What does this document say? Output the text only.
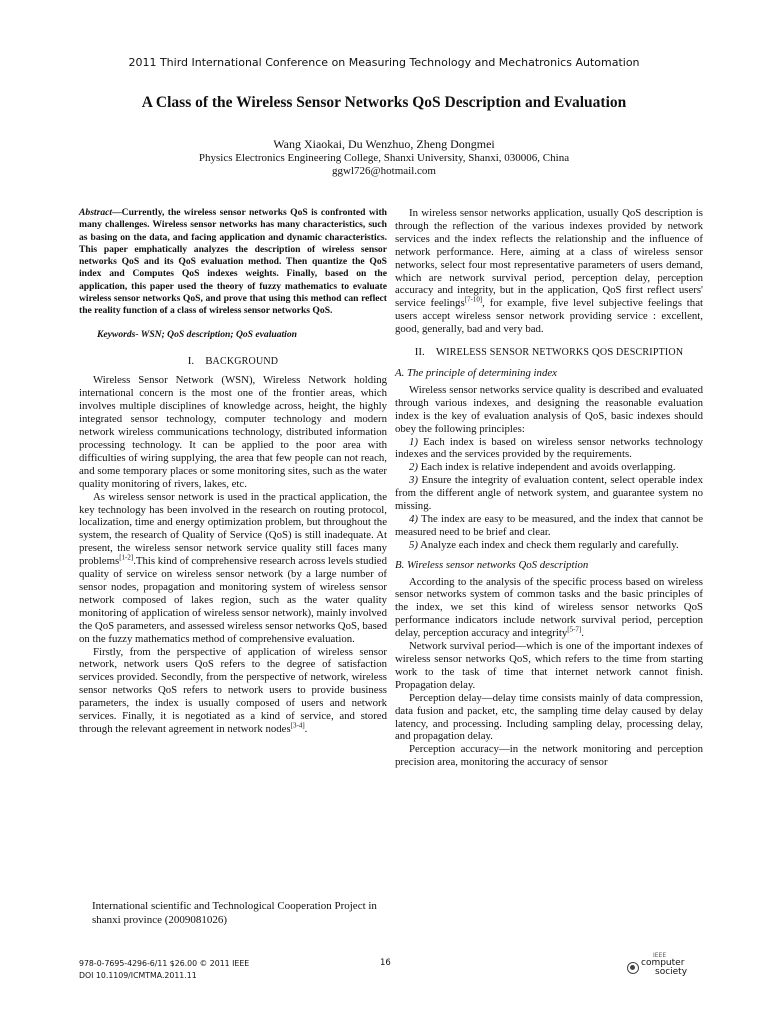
2011 Third International Conference on Measuring Technology and Mechatronics Automation
A Class of the Wireless Sensor Networks QoS Description and Evaluation
Wang Xiaokai, Du Wenzhuo, Zheng Dongmei
Physics Electronics Engineering College, Shanxi University, Shanxi, 030006, China
ggwl726@hotmail.com

Abstract—Currently, the wireless sensor networks QoS is confronted with many challenges. Wireless sensor networks has many characteristics, such as basing on the data, and facing application and dynamic characteristics. This paper emphatically analyzes the description of wireless sensor networks QoS and its QoS evaluation method. Then quantize the QoS index and Computes QoS indexes weights. Finally, based on the application, this paper used the theory of fuzzy mathematics to evaluate wireless sensor networks QoS, and prove that using this method can reflect the reality function of a class of wireless sensor networks QoS.

Keywords- WSN; QoS description; QoS evaluation

I. BACKGROUND

Wireless Sensor Network (WSN), Wireless Network holding international concern is the most one of the frontier areas, which involves multiple disciplines of knowledge across, height, the highly integrated sensor technology, computer technology and modern network wireless communications technology, distributed information processing technology. It can be applied to the poor area with difficulties of wiring supplying, the area that few people can not reach, and some temporary places or some monitoring sites, such as the water quality monitoring of rivers, lakes, etc.

As wireless sensor network is used in the practical application, the key technology has been involved in the research on routing protocol, localization, time and energy optimization problem, but throughout the system, the research of Quality of Service (QoS) is still inadequate. At present, the wireless sensor network service quality still faces many problems[1-2].This kind of comprehensive research across levels studied quality of service on wireless sensor network (by a large number of sensor nodes, propagation and monitoring system of wireless sensor network composed of lakes region, such as the water quality monitoring of application of wireless sensor network), mainly involved the QoS parameters, and assessed wireless sensor networks QoS, based on the fuzzy mathematics method of comprehensive evaluation.

Firstly, from the perspective of application of wireless sensor network, network users QoS refers to the degree of satisfaction services provided. Secondly, from the perspective of network, wireless sensor networks QoS refers to network users to provide business parameters, the index is usually composed of users and network services. Finally, it is negotiated as a kind of service, and stored through the relevant agreement in network nodes[3-4].

International scientific and Technological Cooperation Project in shanxi province (2009081026)

In wireless sensor networks application, usually QoS description is through the reflection of the various indexes provided by network services and the index reflects the relationship and the influence of network performance. Here, aiming at a class of wireless sensor networks, select four most representative parameters of users demand, which are network survival period, perception delay, perception accuracy and integrity, but in the application, QoS first reflect users' service feelings[7-10], for example, five level subjective feelings that users accept wireless sensor network providing service : excellent, good, generally, bad and very bad.

II. WIRELESS SENSOR NETWORKS QOS DESCRIPTION

A. The principle of determining index

Wireless sensor networks service quality is described and evaluated through various indexes, and designing the reasonable evaluation index is the key of evaluation analysis of QoS, basic indexes should obey the following principles:

1) Each index is based on wireless sensor networks technology indexes and the services provided by the requirements.

2) Each index is relative independent and avoids overlapping.

3) Ensure the integrity of evaluation content, select operable index from the different angle of network system, and guarantee system no missing.

4) The index are easy to be measured, and the index that cannot be measured need to be brief and clear.

5) Analyze each index and check them regularly and carefully.

B. Wireless sensor networks QoS description

According to the analysis of the specific process based on wireless sensor networks system of common tasks and the basic principles of the index, we set this kind of wireless sensor networks QoS performance indicators include network survival period, perception delay, perception accuracy and integrity[5-7].

Network survival period—which is one of the important indexes of wireless sensor networks QoS, which refers to the time from starting work to the task of time that internet network cannot finish. Propagation delay.

Perception delay—delay time consists mainly of data compression, data fusion and packet, etc, the sampling time delay caused by delay latency, and processing. Including sampling delay, processing delay, and propagation delay.

Perception accuracy—in the network monitoring and perception precision area, monitoring the accuracy of sensor

978-0-7695-4296-6/11 $26.00 © 2011 IEEE
DOI 10.1109/ICMTMA.2011.11
16
IEEE
computer
society
